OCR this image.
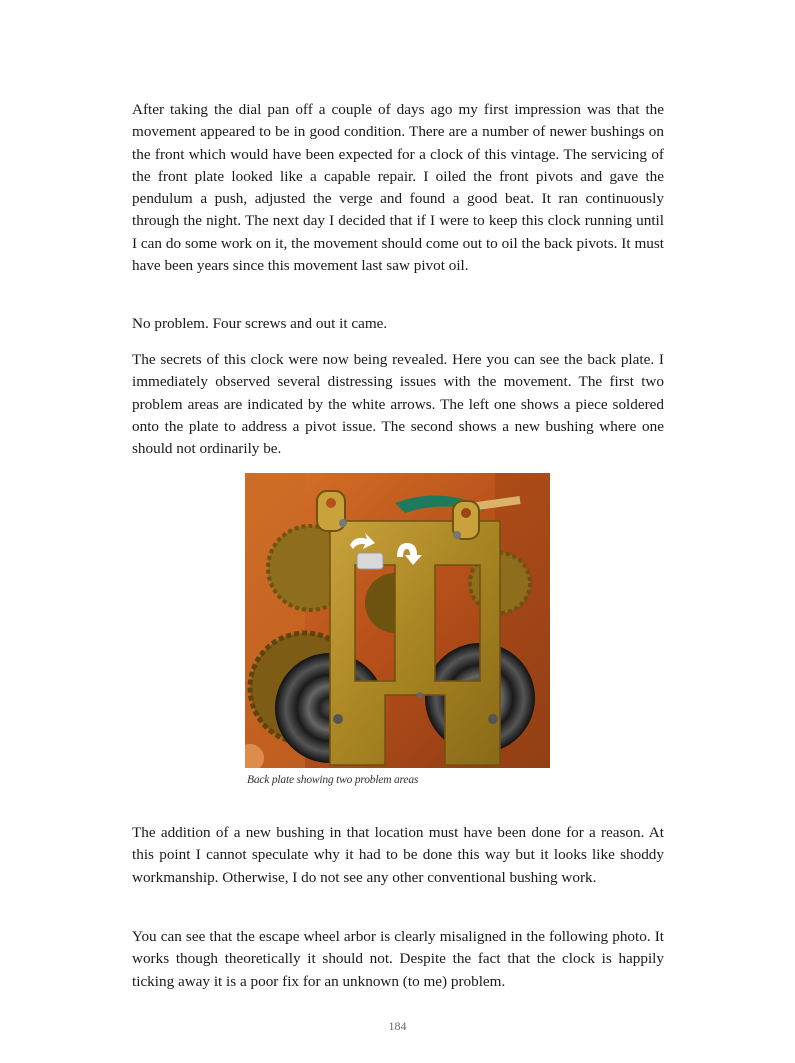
After taking the dial pan off a couple of days ago my first impression was that the movement appeared to be in good condition. There are a number of newer bushings on the front which would have been expected for a clock of this vintage. The servicing of the front plate looked like a capable repair. I oiled the front pivots and gave the pendulum a push, adjusted the verge and found a good beat. It ran continuously through the night. The next day I decided that if I were to keep this clock running until I can do some work on it, the movement should come out to oil the back pivots. It must have been years since this movement last saw pivot oil.

No problem. Four screws and out it came.

The secrets of this clock were now being revealed. Here you can see the back plate. I immediately observed several distressing issues with the movement. The first two problem areas are indicated by the white arrows. The left one shows a piece soldered onto the plate to address a pivot issue. The second shows a new bushing where one should not ordinarily be.

Back plate showing two problem areas

The addition of a new bushing in that location must have been done for a reason. At this point I cannot speculate why it had to be done this way but it looks like shoddy workmanship. Otherwise, I do not see any other conventional bushing work.

You can see that the escape wheel arbor is clearly misaligned in the following photo. It works though theoretically it should not. Despite the fact that the clock is happily ticking away it is a poor fix for an unknown (to me) problem.

184
